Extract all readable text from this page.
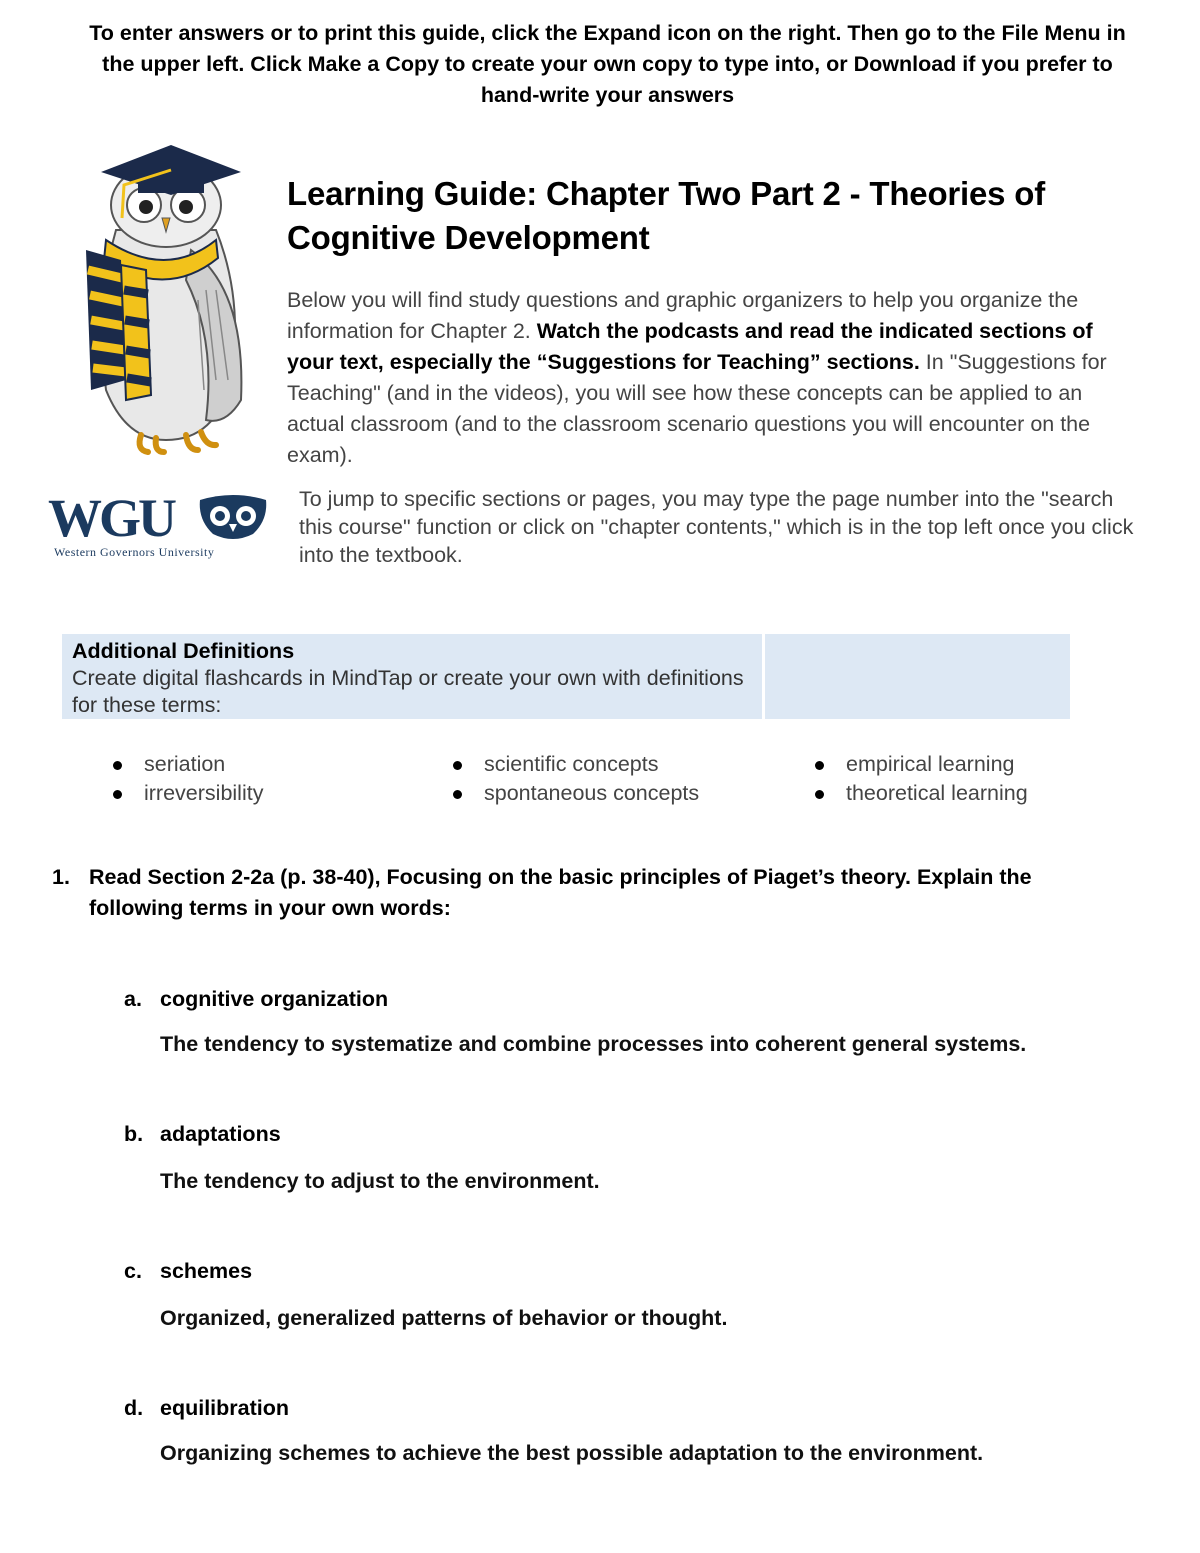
To enter answers or to print this guide, click the Expand icon on the right. Then go to the File Menu in the upper left. Click Make a Copy to create your own copy to type into, or Download if you prefer to hand-write your answers
Learning Guide: Chapter Two Part 2 - Theories of Cognitive Development

Below you will find study questions and graphic organizers to help you organize the information for Chapter 2. Watch the podcasts and read the indicated sections of your text, especially the “Suggestions for Teaching” sections. In "Suggestions for Teaching" (and in the videos), you will see how these concepts can be applied to an actual classroom (and to the classroom scenario questions you will encounter on the exam).

WGU
Western Governors University

To jump to specific sections or pages, you may type the page number into the "search this course" function or click on "chapter contents," which is in the top left once you click into the textbook.

Additional Definitions
Create digital flashcards in MindTap or create your own with definitions for these terms:
seriation
irreversibility
scientific concepts
spontaneous concepts
empirical learning
theoretical learning
1. Read Section 2-2a (p. 38-40), Focusing on the basic principles of Piaget’s theory. Explain the following terms in your own words:
a. cognitive organization
The tendency to systematize and combine processes into coherent general systems.
b. adaptations
The tendency to adjust to the environment.
c. schemes
Organized, generalized patterns of behavior or thought.
d. equilibration
Organizing schemes to achieve the best possible adaptation to the environment.
